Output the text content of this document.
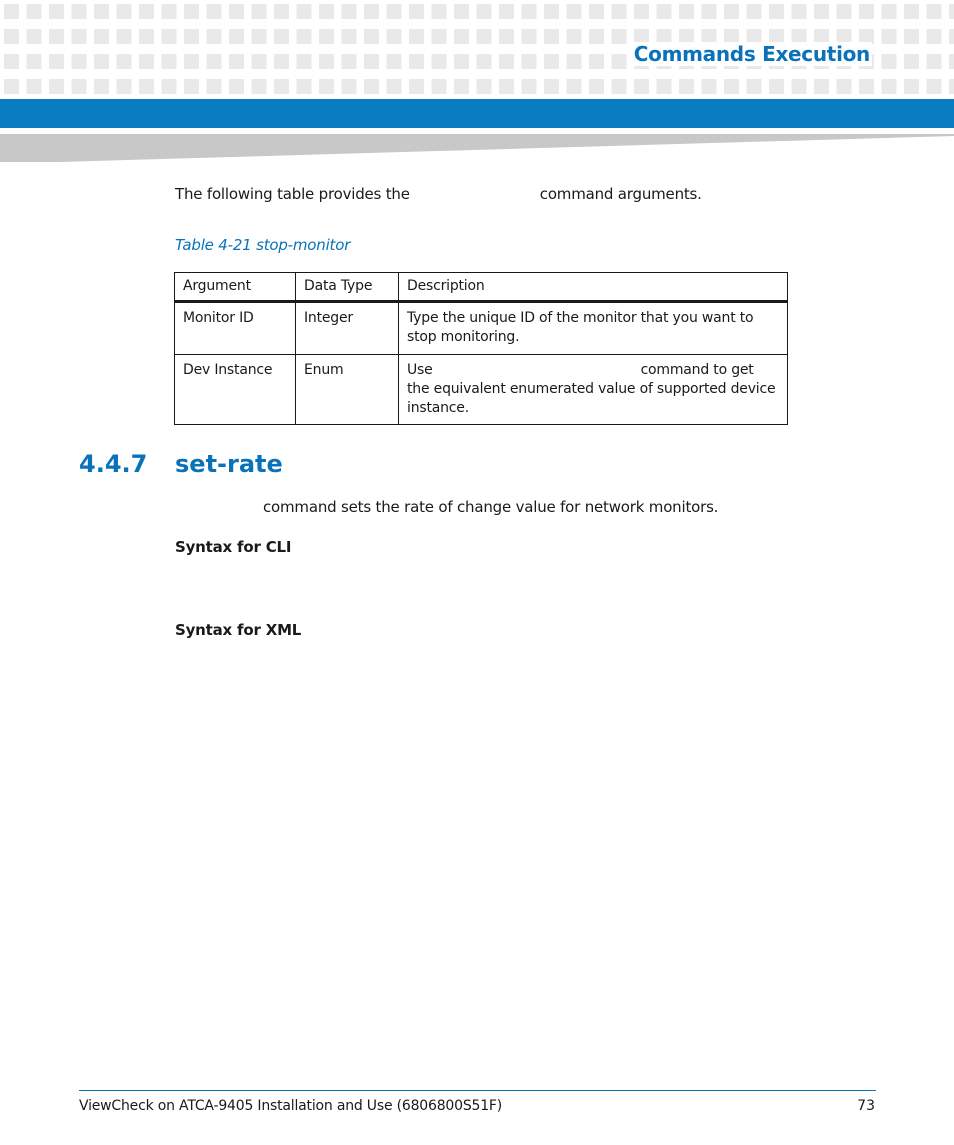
Commands Execution
The following table provides the	command arguments.
Table 4-21 stop-monitor
Argument	Data Type	Description
Monitor ID	Integer	Type the unique ID of the monitor that you want to stop monitoring.
Dev Instance	Enum	Use command to get the equivalent enumerated value of supported device instance.
4.4.7 set-rate
command sets the rate of change value for network monitors.
Syntax for CLI
Syntax for XML
ViewCheck on ATCA-9405 Installation and Use (6806800S51F)	73
